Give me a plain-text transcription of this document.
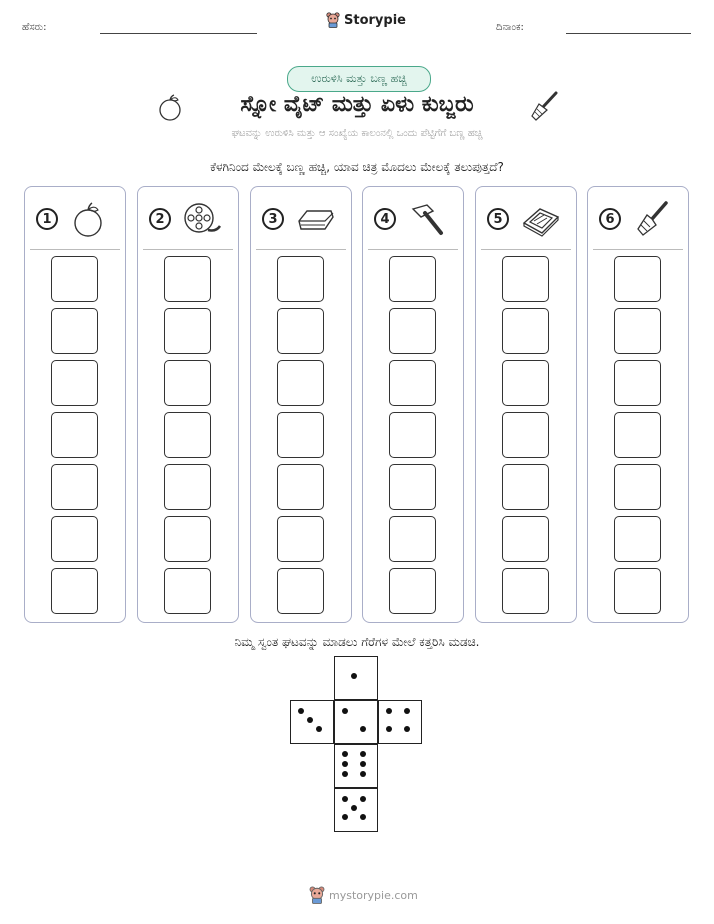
ಹೆಸರು:	Storypie	ದಿನಾಂಕ:
ಉರುಳಿಸಿ ಮತ್ತು ಬಣ್ಣ ಹಚ್ಚಿ
ಸ್ನೋ ವೈಟ್ ಮತ್ತು ಏಳು ಕುಬ್ಜರು
ಘಟವನ್ನು ಉರುಳಿಸಿ ಮತ್ತು ಆ ಸಂಖ್ಯೆಯ ಕಾಲಂನಲ್ಲಿ ಒಂದು ಪೆಟ್ಟಿಗೆಗೆ ಬಣ್ಣ ಹಚ್ಚಿ
ಕೆಳಗಿನಿಂದ ಮೇಲಕ್ಕೆ ಬಣ್ಣ ಹಚ್ಚಿ, ಯಾವ ಚಿತ್ರ ಮೊದಲು ಮೇಲಕ್ಕೆ ತಲುಪುತ್ತದೆ?
1	2	3	4	5	6
ನಿಮ್ಮ ಸ್ವಂತ ಘಟವನ್ನು ಮಾಡಲು ಗೆರೆಗಳ ಮೇಲೆ ಕತ್ತರಿಸಿ ಮಡಚಿ.
mystorypie.com
